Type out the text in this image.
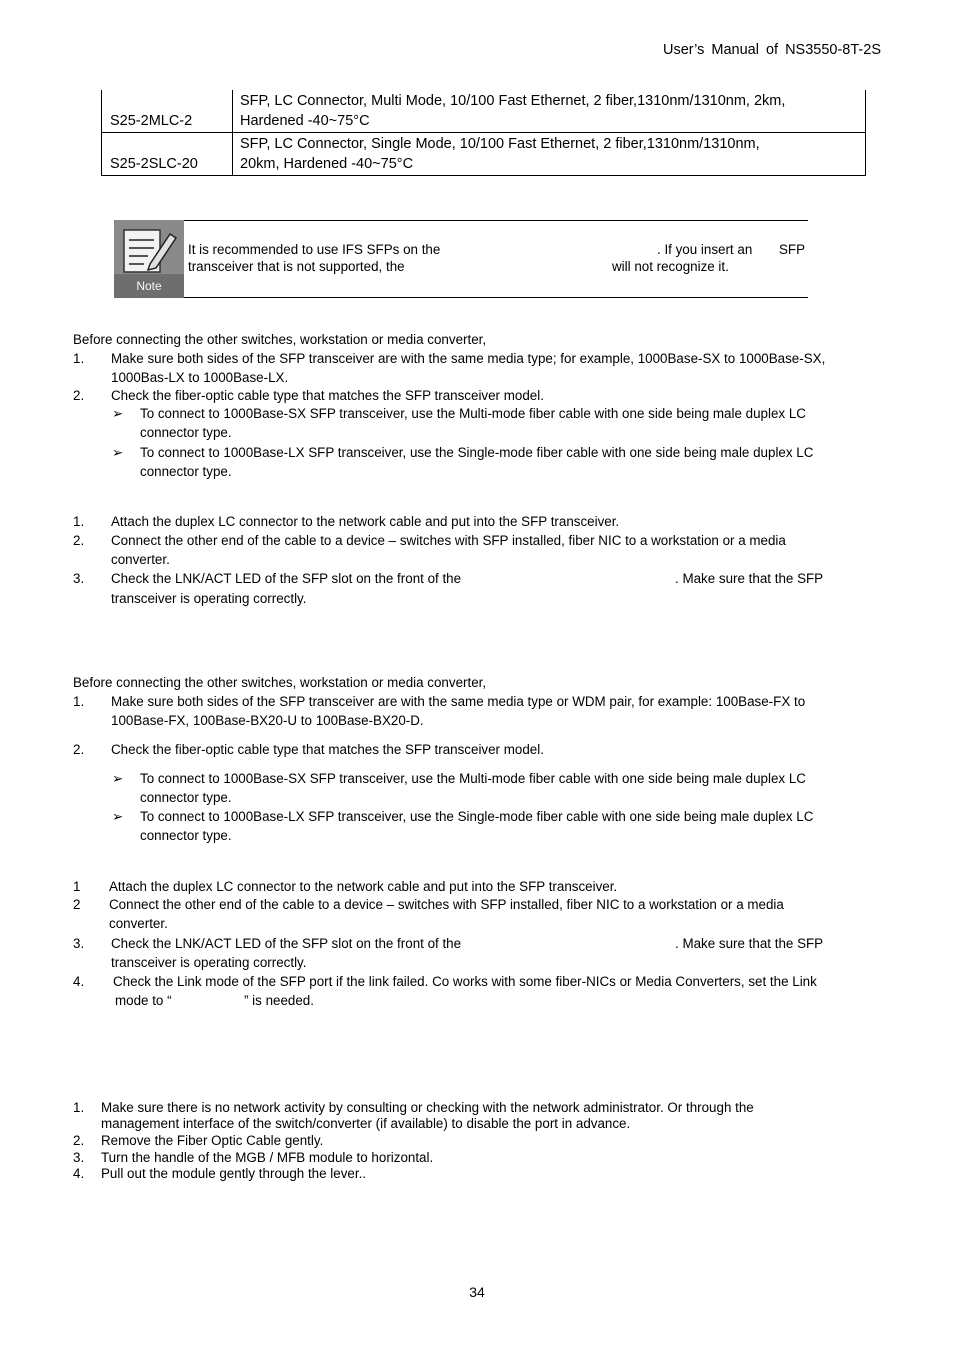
User’s Manual of NS3550-8T-2S
S25-2MLC-2	SFP, LC Connector, Multi Mode, 10/100 Fast Ethernet, 2 fiber,1310nm/1310nm, 2km,
Hardened -40~75°C

S25-2SLC-20	SFP, LC Connector, Single Mode, 10/100 Fast Ethernet, 2 fiber,1310nm/1310nm,
20km, Hardened -40~75°C
Note
It is recommended to use IFS SFPs on the	. If you insert an SFP
transceiver that is not supported, the	will not recognize it.
Before connecting the other switches, workstation or media converter,
1. Make sure both sides of the SFP transceiver are with the same media type; for example, 1000Base-SX to 1000Base-SX,
1000Bas-LX to 1000Base-LX.
2. Check the fiber-optic cable type that matches the SFP transceiver model.
➢ To connect to 1000Base-SX SFP transceiver, use the Multi-mode fiber cable with one side being male duplex LC
connector type.
➢ To connect to 1000Base-LX SFP transceiver, use the Single-mode fiber cable with one side being male duplex LC
connector type.
1. Attach the duplex LC connector to the network cable and put into the SFP transceiver.
2. Connect the other end of the cable to a device – switches with SFP installed, fiber NIC to a workstation or a media
converter.
3. Check the LNK/ACT LED of the SFP slot on the front of the	. Make sure that the SFP
transceiver is operating correctly.
Before connecting the other switches, workstation or media converter,
1. Make sure both sides of the SFP transceiver are with the same media type or WDM pair, for example: 100Base-FX to
100Base-FX, 100Base-BX20-U to 100Base-BX20-D.
2. Check the fiber-optic cable type that matches the SFP transceiver model.
➢ To connect to 1000Base-SX SFP transceiver, use the Multi-mode fiber cable with one side being male duplex LC
connector type.
➢ To connect to 1000Base-LX SFP transceiver, use the Single-mode fiber cable with one side being male duplex LC
connector type.
1 Attach the duplex LC connector to the network cable and put into the SFP transceiver.
2 Connect the other end of the cable to a device – switches with SFP installed, fiber NIC to a workstation or a media
converter.
3. Check the LNK/ACT LED of the SFP slot on the front of the	. Make sure that the SFP
transceiver is operating correctly.
4. Check the Link mode of the SFP port if the link failed. Co works with some fiber-NICs or Media Converters, set the Link
mode to “	” is needed.
1. Make sure there is no network activity by consulting or checking with the network administrator. Or through the
management interface of the switch/converter (if available) to disable the port in advance.
2. Remove the Fiber Optic Cable gently.
3. Turn the handle of the MGB / MFB module to horizontal.
4. Pull out the module gently through the lever..
34
